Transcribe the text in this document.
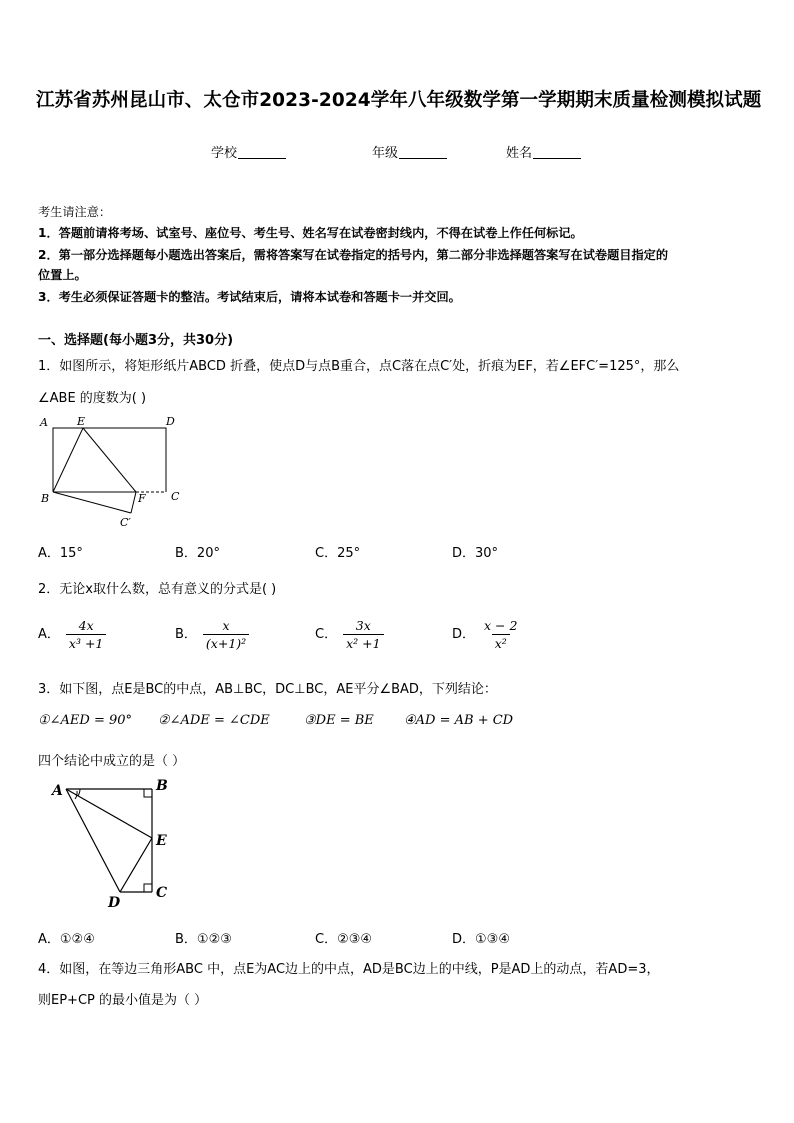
江苏省苏州昆山市、太仓市2023-2024学年八年级数学第一学期期末质量检测模拟试题
学校	年级	姓名
考生请注意：
1．答题前请将考场、试室号、座位号、考生号、姓名写在试卷密封线内，不得在试卷上作任何标记。
2．第一部分选择题每小题选出答案后，需将答案写在试卷指定的括号内，第二部分非选择题答案写在试卷题目指定的
位置上。
3．考生必须保证答题卡的整洁。考试结束后，请将本试卷和答题卡一并交回。
一、选择题(每小题3分，共30分)
1．如图所示，将矩形纸片ABCD 折叠，使点D与点B重合，点C落在点C′处，折痕为EF，若∠EFC′=125°，那么
∠ABE 的度数为( )
A	E	D
B	F C
C′
A．15°	B．20°	C．25°	D．30°
2．无论x取什么数，总有意义的分式是( )
A． $\frac{4x}{\text{x³ +1}}$	B． $\frac{x}{\text{(x+1)²}}$	C． $\frac{3x}{\text{x² +1}}$	D． $\frac{x - 2}{\text{x²}}$
3．如下图，点E是BC的中点，AB⊥BC，DC⊥BC，AE平分∠BAD，下列结论：
①∠AED = 90° ②∠ADE = ∠CDE	③DE = BE ④AD = AB + CD
四个结论中成立的是（ ）
A	B
E
D
C
A．①②④	B．①②③	C．②③④	D．①③④
4．如图，在等边三角形ABC 中，点E为AC边上的中点，AD是BC边上的中线，P是AD上的动点，若AD=3，
则EP+CP 的最小值是为（ ）
